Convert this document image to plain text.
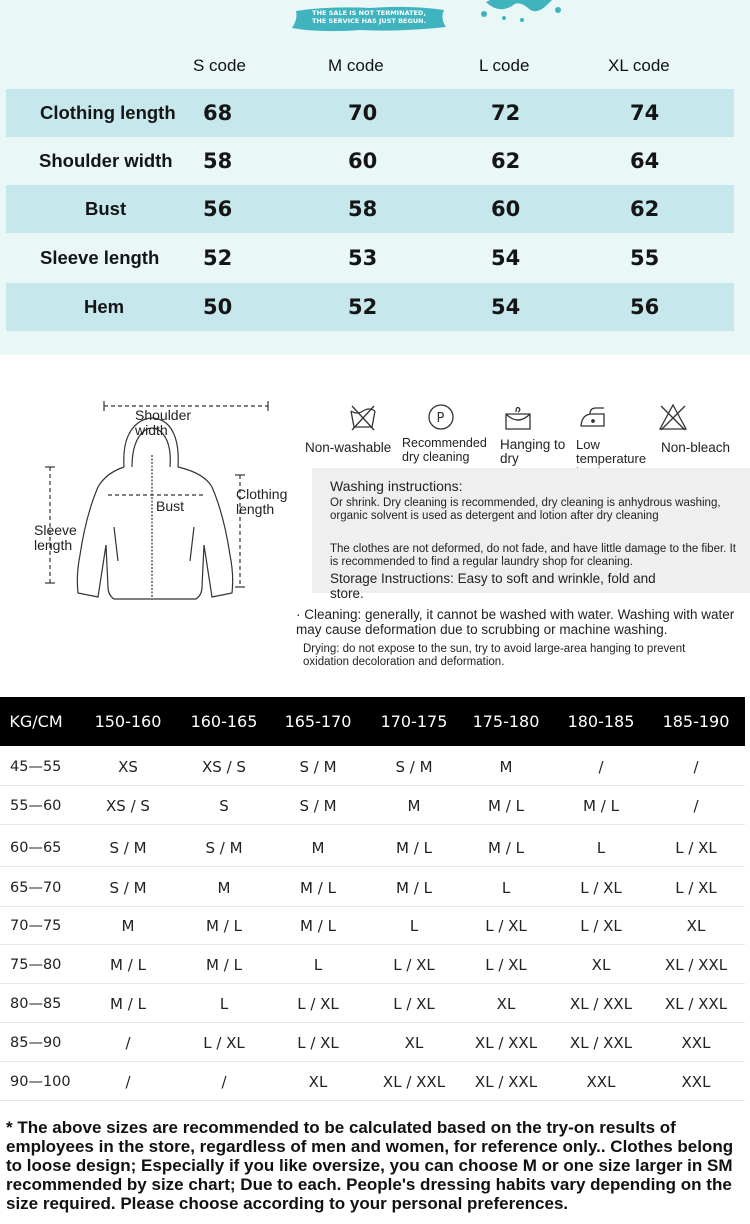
THE SALE IS NOT TERMINATED,
THE SERVICE HAS JUST BEGUN.
S code	M code	L code	XL code
Clothing length 68	70	72	74
Shoulder width 58	60	62	64
Bust	56	58	60	62
Sleeve length 52	53	54	55
Hem	50	52	54	56
Shoulder width
Bust
Clothing length
Sleeve length
P
Non-washable Recommended dry cleaning
Hanging to dry
Low temperature
Non-bleach
Washing instructions:
Or shrink. Dry cleaning is recommended, dry cleaning is anhydrous washing, organic solvent is used as detergent and lotion after dry cleaning
The clothes are not deformed, do not fade, and have little damage to the fiber. It is recommended to find a regular laundry shop for cleaning.
Storage Instructions: Easy to soft and wrinkle, fold and store.
· Cleaning: generally, it cannot be washed with water. Washing with water may cause deformation due to scrubbing or machine washing.
Drying: do not expose to the sun, try to avoid large-area hanging to prevent oxidation decoloration and deformation.
KG/CM	150-160	160-165	165-170	170-175	175-180	180-185	185-190
45—55	XS	XS / S	S / M	S / M	M	/	/
55—60	XS / S	S	S / M	M	M / L	M / L	/
60—65	S / M	S / M	M	M / L	M / L	L	L / XL
65—70	S / M	M	M / L	M / L	L	L / XL	L / XL
70—75	M	M / L	M / L	L	L / XL	L / XL	XL
75—80	M / L	M / L	L	L / XL	L / XL	XL	XL / XXL
80—85	M / L	L	L / XL	L / XL	XL	XL / XXL	XL / XXL
85—90	/	L / XL	L / XL	XL	XL / XXL	XL / XXL	XXL
90—100	/	/	XL	XL / XXL	XL / XXL	XXL	XXL
* The above sizes are recommended to be calculated based on the try-on results of employees in the store, regardless of men and women, for reference only.. Clothes belong to loose design; Especially if you like oversize, you can choose M or one size larger in SM recommended by size chart; Due to each. People's dressing habits vary depending on the size required. Please choose according to your personal preferences.
